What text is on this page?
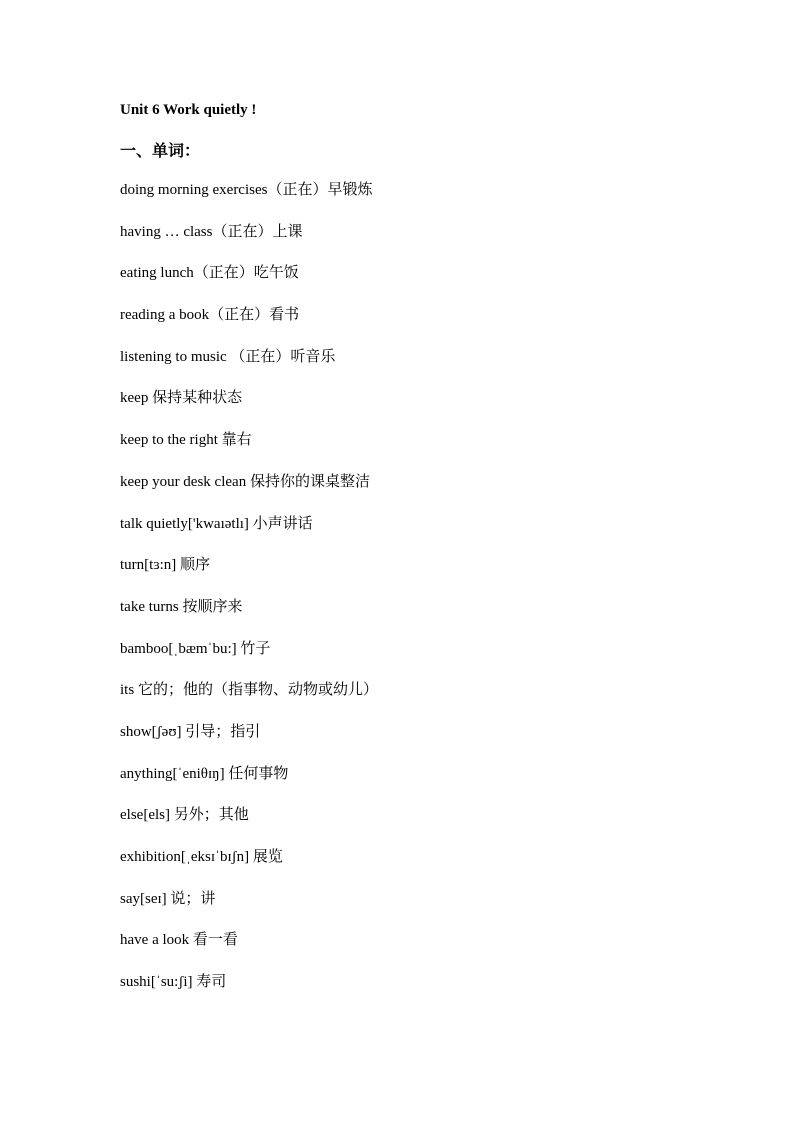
Unit 6 Work quietly !
一、单词：
doing morning exercises（正在）早锻炼
having … class（正在）上课
eating lunch（正在）吃午饭
reading a book（正在）看书
listening to music （正在）听音乐
keep 保持某种状态
keep to the right 靠右
keep your desk clean 保持你的课桌整洁
talk quietly['kwaıətlı] 小声讲话
turn[tɜ:n] 顺序
take turns 按顺序来
bamboo[ˌbæmˈbu:] 竹子
its 它的；他的（指事物、动物或幼儿）
show[ʃəʊ] 引导；指引
anything[ˈeniθɪŋ] 任何事物
else[els] 另外；其他
exhibition[ˌeksɪˈbɪʃn] 展览
say[seɪ] 说；讲
have a look 看一看
sushi[ˈsu:ʃi] 寿司
